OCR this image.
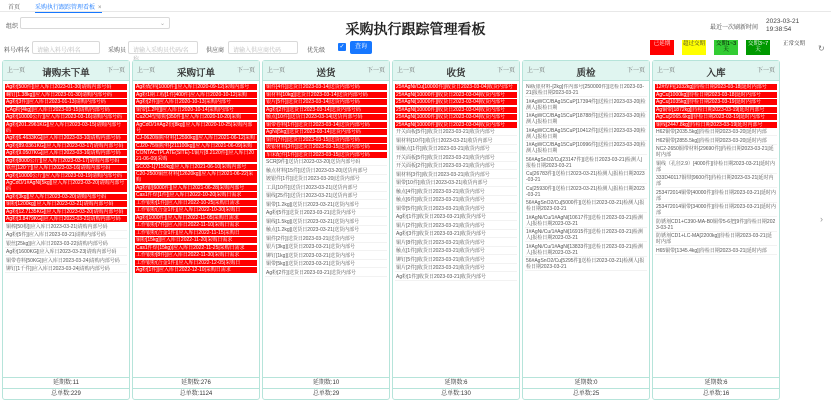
首页 采购执行跟踪管理看板 ×
组织	⌄	采购执行跟踪管理看板	最近一次刷新时间
2023-03-21
19:38:54
料号/料名	请输入料号/料名	采购员	请输入采购员代码/名	供应商	请输入供应商代码	优先级
✓	查询	已延期	超过交期	交期1~3天
交期3~7天
正常交期 ↻
›
上一页	请购未下单	下一页
Ag粉[500件]|应入库日2023-01-30|请购内部号码
螺钉[1.38kg]|应入库日2023-01-30|请购内部号码
Ag粉[3件]|应入库日2023-01-13|请购内部号码
CAg粉[4kg]|应入库日2023-03-15|请购内部号码
Ag粉[10000公斤]|应入库日2023-03-16|请购内部号码
Ag粉[201.2961KG]|应入库日2023-03-15|请购内部号码
Ag粉[6.4633KG]|应入库日2023-03-10|请购内部号码
Ag粉[89.0361KG]|应入库日2023-03-17|请购内部号码
Ag粉[9.0507KG]|应入库日2023-03-16|请购内部号码
Ag粉[8000公斤]|应入库日2023-03-17|请购内部号码
铁丝[120个]|应入库日2023-03-16|请购内部号码
Ag粉[10000公斤]|应入库日2023-03-19|请购内部号码
AgCdO/1#AgNi[5kg]|应入库日2023-03-20|请购内部号码
Ag粉[3kg]|应入库日2023-03-20|请购内部号码
铜粉[1200kg]|应入库日2023-03-21|请购内部号码
Ag粉[12.7135KG]|应入库日2023-03-20|请购内部号码
Ag粉[3.8479KG]|应入库日2023-03-21|请购内部号码
铜棒[50根]|应入库日2023-03-21|请购内部号码
Ag粉[5件]|应入库日2023-03-21|请购内部号码
银丝[25kg]|应入库日2023-03-22|请购内部号码
Ag粉[1600KG]|应入库日2023-03-23|请购内部号码
铜带卷料[50KG]|应入库日2023-03-24|请购内部号码
铆钉[1千件]|应入库日2023-03-24|请购内部号码
延期数:11
总单数:229
上一页	采购订单	下一页
Ag粉配料[1000件]|应入库日2020-09-12|采购内部号
Ag粉1期工程[1件]400件|应入库日2020-10-12|采购
Ag粉[2件]|应入库日2020-10-13|采购内部号
铜带[1.2吨]|应入库日2020-10-14|采购内部号
Cu2O4型银粉[350件]|应入库日2020-10-20|采购
AgCdO/1#Ag2份[8kg]|应入库日2020-10-25|采购内部号
CJ-0620铜粉材料[12590kg]|应入库日2021-06-12|采购
CJ20-75铜粉料[211100kg]|应入库日2021-06-09|采购
CONTACTPLATE(SITE)-1铜片[8.2120件]|应入库日2021-06-09|采购
SCO3-1[7150kg]|应入库日2021-06-10|采购内部号
C20-2500铜丝材料[12620kg]|应入库日2021-06-22|采购
Ag粉银[6000件]|应入库日2021-06-28|采购内部号
Cas1件焊[1件]|应入库日2022-10-20|采购日需求
工作银粉[1件]|应入库日2022-10-25|采购日需求
工作银粉(合金1件)|应入库日2022-10-30|采购日
Ag粉[1000件]|应入库日2022-11-05|采购日需求
工作银粉[7件]|应入库日2022-11-10|采购日需求
工作银粉(合金1件)|应入库日2022-11-15|采购日
铜粉[15kg]|应入库日2022-11-20|采购日需求
Cas1件焊(15kg)|应入库日2022-11-25|采购日需求
工作银粉[8件]|应入库日2022-11-30|采购日需求
工作银粉(合金1件)|应入库日2022-12-05|采购日
Ag粉[1件]|应入库日2022-12-10|采购日需求
延期数:276
总单数:1124
上一页	送货	下一页
铜件[4件]|送货日2023-03-14|送货内部号码
铜材料[10kg]|送货日2023-03-14|送货内部号码
银片[5件]|送货日2023-03-14|送货内部号码
Ag粉[2件]|送货日2023-03-14|送货内部号码
触点[10件]|送货日2023-03-14|送货内部号码
铜带卷料[1件]|送货日2023-03-14|送货内部号码
AgNi[5kg]|送货日2023-03-14|送货内部号码
铜件[7件]|送货日2023-03-15|送货内部号码
镀银材料[3件]|送货日2023-03-15|送货内部号码
车床配件[1件]|送货日2023-03-15|送货内部号码
SCR[9件]|送货日2023-03-20|送货内部号码
触点材料[15件]|送货日2023-03-20|送货内部号
镀银件[1件]|送货日2023-03-20|送货内部号
工具[10件]|送货日2023-03-21|送货内部号
铜线[25件]|送货日2023-03-21|送货内部号
铜带[1.2kg]|送货日2023-03-21|送货内部号
Ag粉[5件]|送货日2023-03-21|送货内部号
铜线[1.5kg]|送货日2023-03-21|送货内部号
触点[1.2kg]|送货日2023-03-21|送货内部号
铜件[2件]|送货日2023-03-21|送货内部号
银片[3kg]|送货日2023-03-21|送货内部号
铆钉[1kg]|送货日2023-03-21|送货内部号
铜带[5kg]|送货日2023-03-21|送货内部号
Ag粉[2件]|送货日2023-03-21|送货内部号
延期数:10
总单数:29
上一页	收货	下一页
25#AgNi/Cu[10000件]|收货日2023-03-04|收货内部号
25#AgNi[10000件]|收货日2023-03-04|收货内部号
25#AgNi[10000件]|收货日2023-03-04|收货内部号
25#AgNi[10000件]|收货日2023-03-04|收货内部号
25#AgNi[10000件]|收货日2023-03-04|收货内部号
25#AgNi[10000件]|收货日2023-03-04|收货内部号
开关面板[5件]|收货日2023-03-21|收货内部号
铜材料[10件]|收货日2023-03-21|收货内部号
铜触点[1件]|收货日2023-03-21|收货内部号
开关面板[5件]|收货日2023-03-21|收货内部号
开关面板[2件]|收货日2023-03-21|收货内部号
铜材料[3件]|收货日2023-03-21|收货内部号
铜带[10件]|收货日2023-03-21|收货内部号
触点[4件]|收货日2023-03-21|收货内部号
触点[6件]|收货日2023-03-21|收货内部号
铜带[5件]|收货日2023-03-21|收货内部号
Ag粉[1件]|收货日2023-03-21|收货内部号
铜片[2件]|收货日2023-03-21|收货内部号
Ag粉[3件]|收货日2023-03-21|收货内部号
铜片[8件]|收货日2023-03-21|收货内部号
触点[1件]|收货日2023-03-21|收货内部号
铆钉[5件]|收货日2023-03-21|收货内部号
铜片[2件]|收货日2023-03-21|收货内部号
Ag粉[1件]|收货日2023-03-21|收货内部号
延期数:6
总单数:130
上一页	质检	下一页
Ni板银材料-[2kg]件内部号[250000件]|送检日2023-03-21|报检日期2023-03-21
1#AgWCC/BAg15CuP[17394件]|送检日2023-03-20|检测人|报检日期
1#AgWCC/BAg15CuP[18788件]|送检日2023-03-20|检测人|报检日期
1#AgWCC/BAg15CuP[10412件]|送检日2023-03-20|检测人|报检日期
1#AgWCC/BAg15CuP[10996件]|送检日2023-03-20|检测人|报检日期
56#AgSnO2/Cu[23147件]|送检日2023-03-21|检测人|报检日期2023-03-21
Cu[26783件]|送检日2023-03-21|检测人|报检日期2023-03-21
Cu[25930件]|送检日2023-03-21|检测人|报检日期2023-03-21
56#AgSnO2/Cu[5000件]|送检日2023-03-21|检测人|报检日期2023-03-21
1#AgNi/Cu/1#AgNi[10617件]|送检日2023-03-21|检测人|报检日期2023-03-21
1#AgNi/Cu/1#AgNi[16915件]|送检日2023-03-21|检测人|报检日期2023-03-21
1#AgNi/Cu/1#AgNi[13833件]|送检日2023-03-21|检测人|报检日期2023-03-21
56#AgSnO2/Cu[5295件]|送检日2023-03-21|检测人|报检日期2023-03-21
延期数:0
总单数:25
上一页	入库	下一页
12#焊料[1032kg]|待检日期2023-03-18|延时内部号
AgCu[1000kg]|待检日期2023-03-18|延时内部号
AgCu[1035kg]|待检日期2023-03-19|延时内部号
Ag铜带[1872kg]|待检日期2023-03-19|延时内部号
AgCu[2065.6kg]|待检日期2023-03-19|延时内部号
铜线[2447.8kg]|待检日期2023-03-19|延时内部号
H62铜带[2035.5kg]|待检日期2023-03-20|延时内部
H62铜带[2855.5kg]|待检日期2023-03-20|延时内部
NC2-2650铜带材料[29690件]|待检日期2023-03-21|延时内部
铜线（孔径2.9）[4000件]|待检日期2023-03-21|延时内部
333D40117铜带[9600件]|待检日期2023-03-21|延时内部
253472014铜带[40000件]|待检日期2023-03-21|延时内部
253472014铜带[34000件]|待检日期2023-03-21|延时内部
防锈剂CD1+C390-MA-B0铜带5-6把[9件]|待检日期2023-03-21
防锈剂CD1+LC-MA[2200kg]|待检日期2023-03-21|延时内部
H65铜带[1345.4kg]|待检日期2023-03-21|延时内部
延期数:6
总单数:16
